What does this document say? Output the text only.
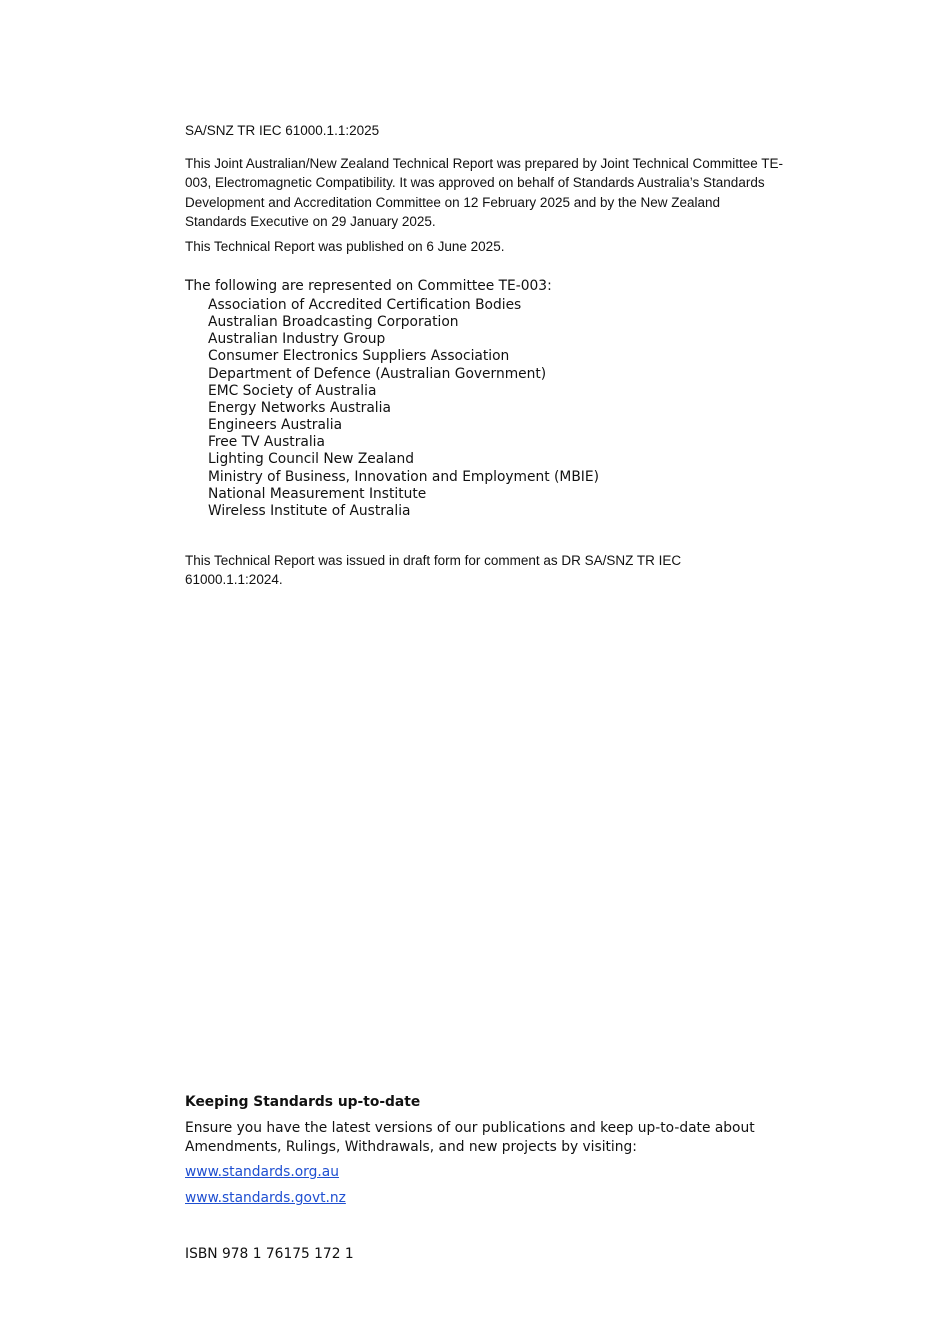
SA/SNZ TR IEC 61000.1.1:2025

This Joint Australian/New Zealand Technical Report was prepared by Joint Technical Committee TE-003, Electromagnetic Compatibility. It was approved on behalf of Standards Australia’s Standards Development and Accreditation Committee on 12 February 2025 and by the New Zealand Standards Executive on 29 January 2025.

This Technical Report was published on 6 June 2025.
The following are represented on Committee TE-003:
Association of Accredited Certification Bodies
Australian Broadcasting Corporation
Australian Industry Group
Consumer Electronics Suppliers Association
Department of Defence (Australian Government)
EMC Society of Australia
Energy Networks Australia
Engineers Australia
Free TV Australia
Lighting Council New Zealand
Ministry of Business, Innovation and Employment (MBIE)
National Measurement Institute
Wireless Institute of Australia

This Technical Report was issued in draft form for comment as DR SA/SNZ TR IEC 61000.1.1:2024.

Keeping Standards up-to-date

Ensure you have the latest versions of our publications and keep up-to-date about Amendments, Rulings, Withdrawals, and new projects by visiting:

www.standards.org.au
www.standards.govt.nz
ISBN 978 1 76175 172 1
